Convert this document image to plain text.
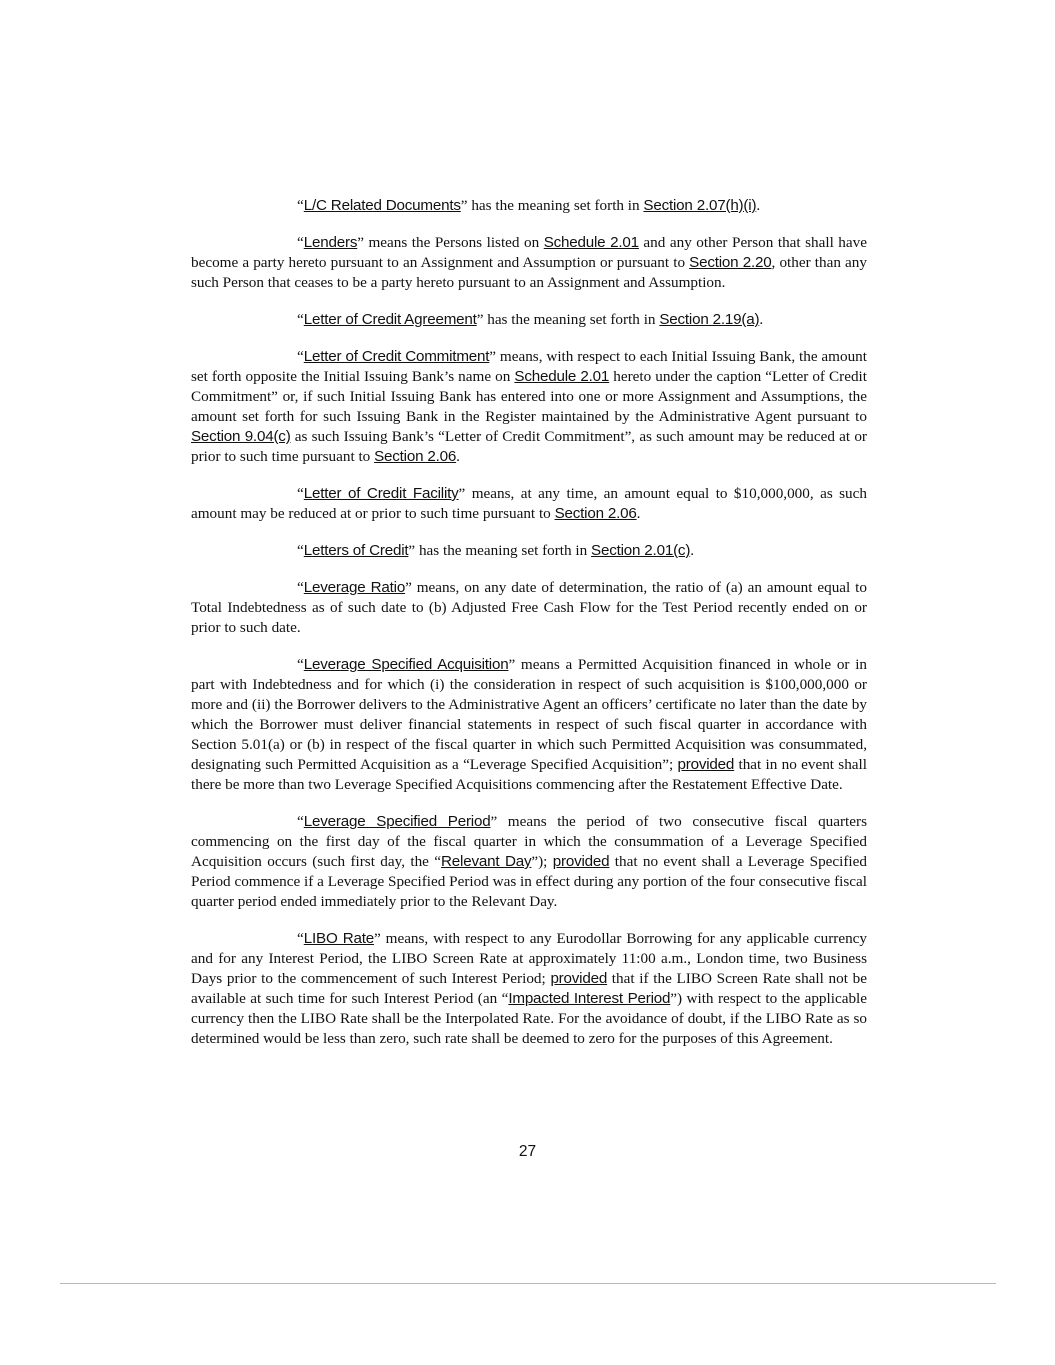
“L/C Related Documents” has the meaning set forth in Section 2.07(h)(i).

“Lenders” means the Persons listed on Schedule 2.01 and any other Person that shall have become a party hereto pursuant to an Assignment and Assumption or pursuant to Section 2.20, other than any such Person that ceases to be a party hereto pursuant to an Assignment and Assumption.

“Letter of Credit Agreement” has the meaning set forth in Section 2.19(a).

“Letter of Credit Commitment” means, with respect to each Initial Issuing Bank, the amount set forth opposite the Initial Issuing Bank’s name on Schedule 2.01 hereto under the caption “Letter of Credit Commitment” or, if such Initial Issuing Bank has entered into one or more Assignment and Assumptions, the amount set forth for such Issuing Bank in the Register maintained by the Administrative Agent pursuant to Section 9.04(c) as such Issuing Bank’s “Letter of Credit Commitment”, as such amount may be reduced at or prior to such time pursuant to Section 2.06.

“Letter of Credit Facility” means, at any time, an amount equal to $10,000,000, as such amount may be reduced at or prior to such time pursuant to Section 2.06.

“Letters of Credit” has the meaning set forth in Section 2.01(c).

“Leverage Ratio” means, on any date of determination, the ratio of (a) an amount equal to Total Indebtedness as of such date to (b) Adjusted Free Cash Flow for the Test Period recently ended on or prior to such date.

“Leverage Specified Acquisition” means a Permitted Acquisition financed in whole or in part with Indebtedness and for which (i) the consideration in respect of such acquisition is $100,000,000 or more and (ii) the Borrower delivers to the Administrative Agent an officers’ certificate no later than the date by which the Borrower must deliver financial statements in respect of such fiscal quarter in accordance with Section 5.01(a) or (b) in respect of the fiscal quarter in which such Permitted Acquisition was consummated, designating such Permitted Acquisition as a “Leverage Specified Acquisition”; provided that in no event shall there be more than two Leverage Specified Acquisitions commencing after the Restatement Effective Date.

“Leverage Specified Period” means the period of two consecutive fiscal quarters commencing on the first day of the fiscal quarter in which the consummation of a Leverage Specified Acquisition occurs (such first day, the “Relevant Day”); provided that no event shall a Leverage Specified Period commence if a Leverage Specified Period was in effect during any portion of the four consecutive fiscal quarter period ended immediately prior to the Relevant Day.

“LIBO Rate” means, with respect to any Eurodollar Borrowing for any applicable currency and for any Interest Period, the LIBO Screen Rate at approximately 11:00 a.m., London time, two Business Days prior to the commencement of such Interest Period; provided that if the LIBO Screen Rate shall not be available at such time for such Interest Period (an “Impacted Interest Period”) with respect to the applicable currency then the LIBO Rate shall be the Interpolated Rate. For the avoidance of doubt, if the LIBO Rate as so determined would be less than zero, such rate shall be deemed to zero for the purposes of this Agreement.

27
